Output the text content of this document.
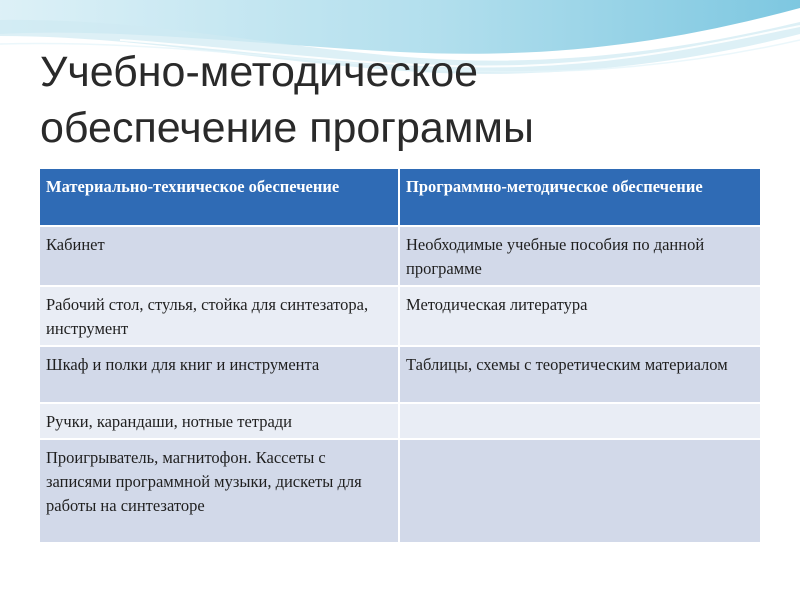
Учебно-методическое
обеспечение программы
Материально-техническое обеспечение	Программно-методическое обеспечение
Кабинет	Необходимые учебные пособия по данной программе
Рабочий стол, стулья, стойка для синтезатора, инструмент	Методическая литература
Шкаф и полки для книг и инструмента	Таблицы, схемы с теоретическим материалом
Ручки, карандаши, нотные тетради	
Проигрыватель, магнитофон. Кассеты с записями программной музыки, дискеты для работы на синтезаторе	
